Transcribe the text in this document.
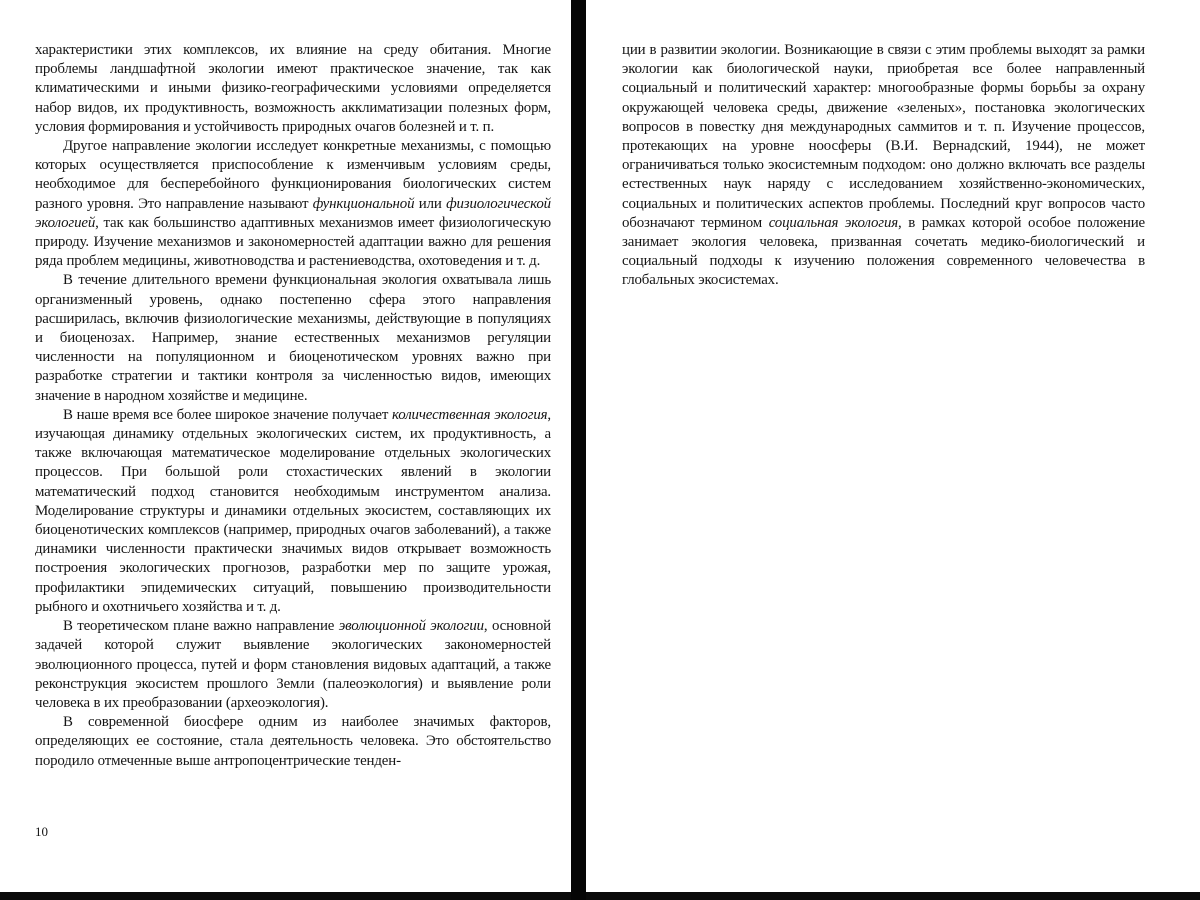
характеристики этих комплексов, их влияние на среду обитания. Многие проблемы ландшафтной экологии имеют практическое значение, так как климатическими и иными физико-географическими условиями определяется набор видов, их продуктивность, возможность акклиматизации полезных форм, условия формирования и устойчивость природных очагов болезней и т. п.

Другое направление экологии исследует конкретные механизмы, с помощью которых осуществляется приспособление к изменчивым условиям среды, необходимое для бесперебойного функционирования биологических систем разного уровня. Это направление называют функциональной или физиологической экологией, так как большинство адаптивных механизмов имеет физиологическую природу. Изучение механизмов и закономерностей адаптации важно для решения ряда проблем медицины, животноводства и растениеводства, охотоведения и т. д.

В течение длительного времени функциональная экология охватывала лишь организменный уровень, однако постепенно сфера этого направления расширилась, включив физиологические механизмы, действующие в популяциях и биоценозах. Например, знание естественных механизмов регуляции численности на популяционном и биоценотическом уровнях важно при разработке стратегии и тактики контроля за численностью видов, имеющих значение в народном хозяйстве и медицине.

В наше время все более широкое значение получает количественная экология, изучающая динамику отдельных экологических систем, их продуктивность, а также включающая математическое моделирование отдельных экологических процессов. При большой роли стохастических явлений в экологии математический подход становится необходимым инструментом анализа. Моделирование структуры и динамики отдельных экосистем, составляющих их биоценотических комплексов (например, природных очагов заболеваний), а также динамики численности практически значимых видов открывает возможность построения экологических прогнозов, разработки мер по защите урожая, профилактики эпидемических ситуаций, повышению производительности рыбного и охотничьего хозяйства и т. д.

В теоретическом плане важно направление эволюционной экологии, основной задачей которой служит выявление экологических закономерностей эволюционного процесса, путей и форм становления видовых адаптаций, а также реконструкция экосистем прошлого Земли (палеоэкология) и выявление роли человека в их преобразовании (археоэкология).

В современной биосфере одним из наиболее значимых факторов, определяющих ее состояние, стала деятельность человека. Это обстоятельство породило отмеченные выше антропоцентрические тенден-

10

ции в развитии экологии. Возникающие в связи с этим проблемы выходят за рамки экологии как биологической науки, приобретая все более направленный социальный и политический характер: многообразные формы борьбы за охрану окружающей человека среды, движение «зеленых», постановка экологических вопросов в повестку дня международных саммитов и т. п. Изучение процессов, протекающих на уровне ноосферы (В.И. Вернадский, 1944), не может ограничиваться только экосистемным подходом: оно должно включать все разделы естественных наук наряду с исследованием хозяйственно-экономических, социальных и политических аспектов проблемы. Последний круг вопросов часто обозначают термином социальная экология, в рамках которой особое положение занимает экология человека, призванная сочетать медико-биологический и социальный подходы к изучению положения современного человечества в глобальных экосистемах.
